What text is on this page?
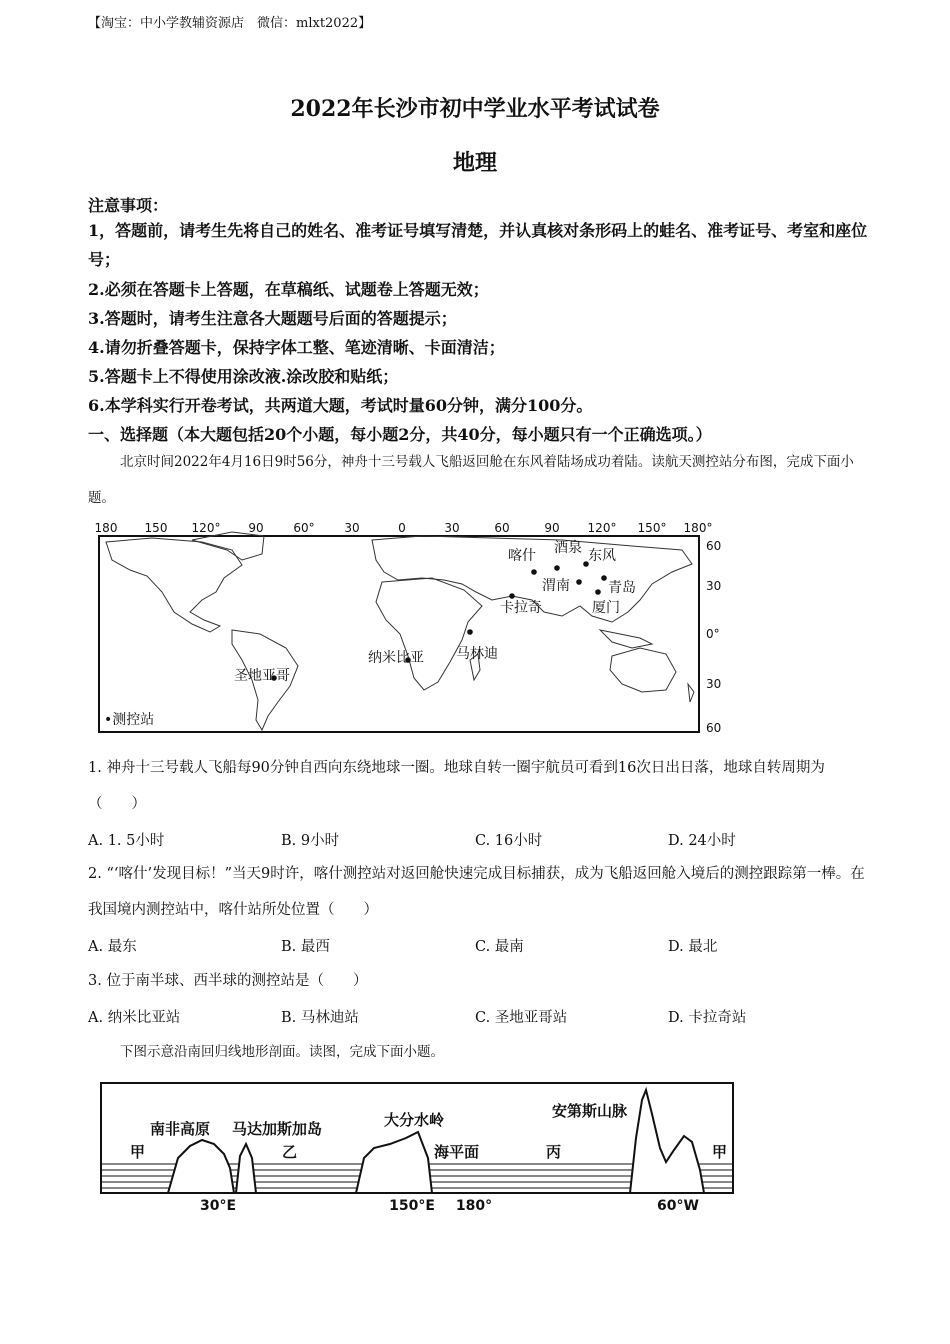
【淘宝：中小学教辅资源店　微信：mlxt2022】
2022年长沙市初中学业水平考试试卷
地理
注意事项：
1，答题前，请考生先将自己的姓名、准考证号填写清楚，并认真核对条形码上的蛙名、准考证号、考室和座位号；
2.必须在答题卡上答题，在草稿纸、试题卷上答题无效；
3.答题时，请考生注意各大题题号后面的答题提示；
4.请勿折叠答题卡，保持字体工整、笔迹清晰、卡面清洁；
5.答题卡上不得使用涂改液.涂改胶和贴纸；
6.本学科实行开卷考试，共两道大题，考试时量60分钟，满分100分。
一、选择题（本大题包括20个小题，每小题2分，共40分，每小题只有一个正确选项。）
北京时间2022年4月16日9时56分，神舟十三号载人飞船返回舱在东风着陆场成功着陆。读航天测控站分布图，完成下面小题。
180 150 120° 90 60° 30	0	30	60	90 120° 150° 180°
60
30
0°
30
60
喀什 酒泉 东风
渭南	青岛
厦门
卡拉奇
纳米比亚 马林迪
圣地亚哥
•测控站
1. 神舟十三号载人飞船每90分钟自西向东绕地球一圈。地球自转一圈宇航员可看到16次日出日落，地球自转周期为（　　）
A. 1. 5小时	B. 9小时	C. 16小时	D. 24小时
2. “‘喀什’发现目标！”当天9时许，喀什测控站对返回舱快速完成目标捕获，成为飞船返回舱入境后的测控跟踪第一棒。在我国境内测控站中，喀什站所处位置（　　）
A. 最东	B. 最西	C. 最南	D. 最北
3. 位于南半球、西半球的测控站是（　　）
A. 纳米比亚站	B. 马林迪站	C. 圣地亚哥站	D. 卡拉奇站
下图示意沿南回归线地形剖面。读图，完成下面小题。
南非高原 马达加斯加岛	大分水岭	安第斯山脉
海平面
甲	乙	丙	甲
30°E	150°E 180°	60°W
